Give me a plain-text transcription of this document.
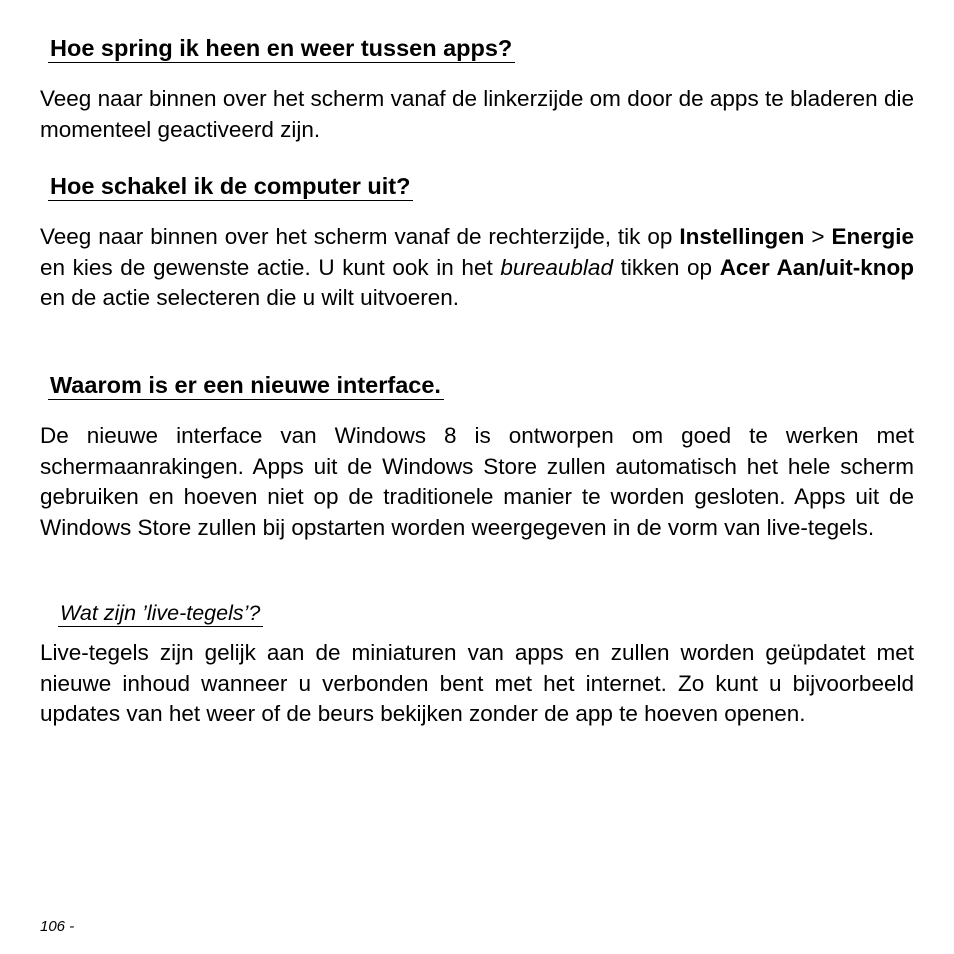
Hoe spring ik heen en weer tussen apps?

Veeg naar binnen over het scherm vanaf de linkerzijde om door de apps te bladeren die momenteel geactiveerd zijn.

Hoe schakel ik de computer uit?

Veeg naar binnen over het scherm vanaf de rechterzijde, tik op Instellingen > Energie en kies de gewenste actie. U kunt ook in het bureaublad tikken op Acer Aan/uit-knop en de actie selecteren die u wilt uitvoeren.

Waarom is er een nieuwe interface.

De nieuwe interface van Windows 8 is ontworpen om goed te werken met schermaanrakingen. Apps uit de Windows Store zullen automatisch het hele scherm gebruiken en hoeven niet op de traditionele manier te worden gesloten. Apps uit de Windows Store zullen bij opstarten worden weergegeven in de vorm van live-tegels.

Wat zijn ’live-tegels’?

Live-tegels zijn gelijk aan de miniaturen van apps en zullen worden geüpdatet met nieuwe inhoud wanneer u verbonden bent met het internet. Zo kunt u bijvoorbeeld updates van het weer of de beurs bekijken zonder de app te hoeven openen.

106 -
